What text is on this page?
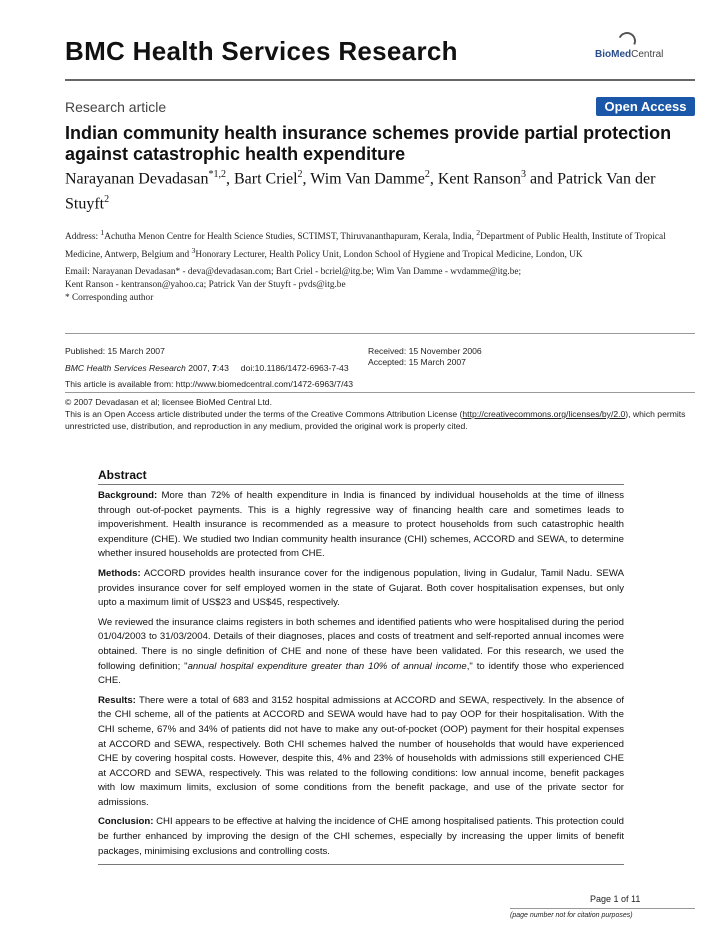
BMC Health Services Research	BioMedCentral
Research article	Open Access
Indian community health insurance schemes provide partial protection against catastrophic health expenditure
Narayanan Devadasan$^{*1,2}$, Bart Criel$^2$, Wim Van Damme$^2$, Kent Ranson$^3$ and Patrick Van der Stuyft$^2$
Address: $^1$Achutha Menon Centre for Health Science Studies, SCTIMST, Thiruvananthapuram, Kerala, India, $^2$Department of Public Health, Institute of Tropical Medicine, Antwerp, Belgium and $^3$Honorary Lecturer, Health Policy Unit, London School of Hygiene and Tropical Medicine, London, UK
Email: Narayanan Devadasan* - deva@devadasan.com; Bart Criel - bcriel@itg.be; Wim Van Damme - wvdamme@itg.be;
Kent Ranson - kentranson@yahoo.ca; Patrick Van der Stuyft - pvds@itg.be
* Corresponding author
Published: 15 March 2007
BMC Health Services Research 2007, 7:43     doi:10.1186/1472-6963-7-43
Received: 15 November 2006
Accepted: 15 March 2007
This article is available from: http://www.biomedcentral.com/1472-6963/7/43
© 2007 Devadasan et al; licensee BioMed Central Ltd.
This is an Open Access article distributed under the terms of the Creative Commons Attribution License (http://creativecommons.org/licenses/by/2.0), which permits unrestricted use, distribution, and reproduction in any medium, provided the original work is properly cited.
Abstract

Background: More than 72% of health expenditure in India is financed by individual households at the time of illness through out-of-pocket payments. This is a highly regressive way of financing health care and sometimes leads to impoverishment. Health insurance is recommended as a measure to protect households from such catastrophic health expenditure (CHE). We studied two Indian community health insurance (CHI) schemes, ACCORD and SEWA, to determine whether insured households are protected from CHE.

Methods: ACCORD provides health insurance cover for the indigenous population, living in Gudalur, Tamil Nadu. SEWA provides insurance cover for self employed women in the state of Gujarat. Both cover hospitalisation expenses, but only upto a maximum limit of US$23 and US$45, respectively.

We reviewed the insurance claims registers in both schemes and identified patients who were hospitalised during the period 01/04/2003 to 31/03/2004. Details of their diagnoses, places and costs of treatment and self-reported annual incomes were obtained. There is no single definition of CHE and none of these have been validated. For this research, we used the following definition; "annual hospital expenditure greater than 10% of annual income," to identify those who experienced CHE.

Results: There were a total of 683 and 3152 hospital admissions at ACCORD and SEWA, respectively. In the absence of the CHI scheme, all of the patients at ACCORD and SEWA would have had to pay OOP for their hospitalisation. With the CHI scheme, 67% and 34% of patients did not have to make any out-of-pocket (OOP) payment for their hospital expenses at ACCORD and SEWA, respectively. Both CHI schemes halved the number of households that would have experienced CHE by covering hospital costs. However, despite this, 4% and 23% of households with admissions still experienced CHE at ACCORD and SEWA, respectively. This was related to the following conditions: low annual income, benefit packages with low maximum limits, exclusion of some conditions from the benefit package, and use of the private sector for admissions.

Conclusion: CHI appears to be effective at halving the incidence of CHE among hospitalised patients. This protection could be further enhanced by improving the design of the CHI schemes, especially by increasing the upper limits of benefit packages, minimising exclusions and controlling costs.

Page 1 of 11
(page number not for citation purposes)
